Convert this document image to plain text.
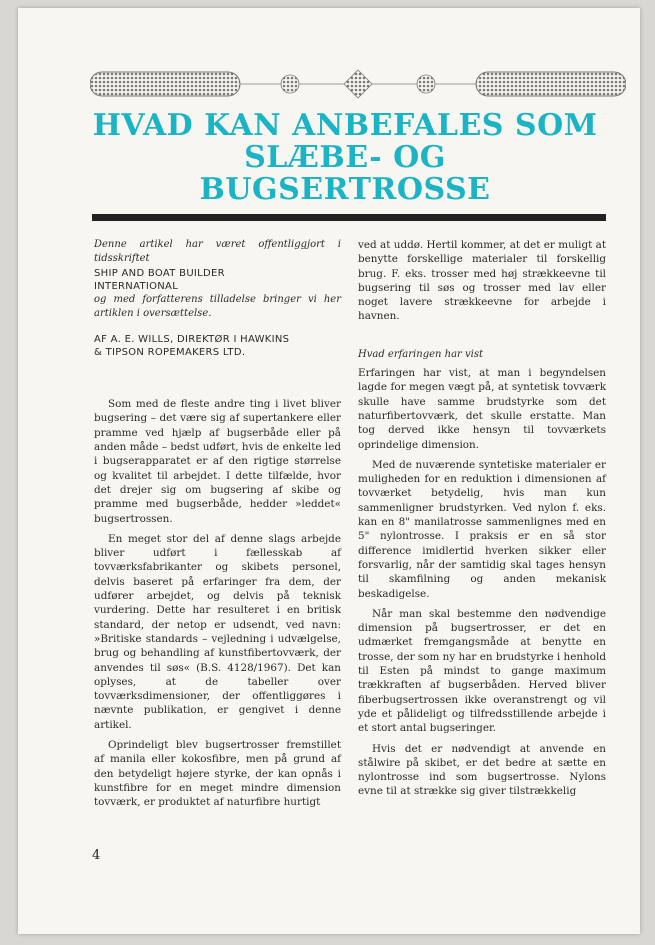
HVAD KAN ANBEFALES SOM
SLÆBE- OG
BUGSERTROSSE

Denne artikel har været offentliggjort i tidsskriftet

SHIP AND BOAT BUILDER
INTERNATIONAL

og med forfatterens tilladelse bringer vi her artiklen i oversættelse.

AF A. E. WILLS, DIREKTØR I HAWKINS
& TIPSON ROPEMAKERS LTD.

Som med de fleste andre ting i livet bliver bugsering – det være sig af supertankere eller pramme ved hjælp af bugserbåde eller på anden måde – bedst udført, hvis de enkelte led i bugserapparatet er af den rigtige størrelse og kvalitet til arbejdet. I dette tilfælde, hvor det drejer sig om bugsering af skibe og pramme med bugserbåde, hedder »leddet« bugsertrossen.

En meget stor del af denne slags arbejde bliver udført i fællesskab af tovværksfabrikanter og skibets personel, delvis baseret på erfaringer fra dem, der udfører arbejdet, og delvis på teknisk vurdering. Dette har resulteret i en britisk standard, der netop er udsendt, ved navn: »Britiske standards – vejledning i udvælgelse, brug og behandling af kunstfibertovværk, der anvendes til søs« (B.S. 4128/1967). Det kan oplyses, at de tabeller over tovværksdimensioner, der offentliggøres i nævnte publikation, er gengivet i denne artikel.

Oprindeligt blev bugsertrosser fremstillet af manila eller kokosfibre, men på grund af den betydeligt højere styrke, der kan opnås i kunstfibre for en meget mindre dimension tovværk, er produktet af naturfibre hurtigt

ved at uddø. Hertil kommer, at det er muligt at benytte forskellige materialer til forskellig brug. F. eks. trosser med høj strækkeevne til bugsering til søs og trosser med lav eller noget lavere strækkeevne for arbejde i havnen.

Hvad erfaringen har vist

Erfaringen har vist, at man i begyndelsen lagde for megen vægt på, at syntetisk tovværk skulle have samme brudstyrke som det naturfibertovværk, det skulle erstatte. Man tog derved ikke hensyn til tovværkets oprindelige dimension.

Med de nuværende syntetiske materialer er muligheden for en reduktion i dimensionen af tovværket betydelig, hvis man kun sammenligner brudstyrken. Ved nylon f. eks. kan en 8" manilatrosse sammenlignes med en 5" nylontrosse. I praksis er en så stor difference imidlertid hverken sikker eller forsvarlig, når der samtidig skal tages hensyn til skamfilning og anden mekanisk beskadigelse.

Når man skal bestemme den nødvendige dimension på bugsertrosser, er det en udmærket fremgangsmåde at benytte en trosse, der som ny har en brudstyrke i henhold til Esten på mindst to gange maximum trækkraften af bugserbåden. Herved bliver fiberbugsertrossen ikke overanstrengt og vil yde et pålideligt og tilfredsstillende arbejde i et stort antal bugseringer.

Hvis det er nødvendigt at anvende en stålwire på skibet, er det bedre at sætte en nylontrosse ind som bugsertrosse. Nylons evne til at strække sig giver tilstrækkelig

4
